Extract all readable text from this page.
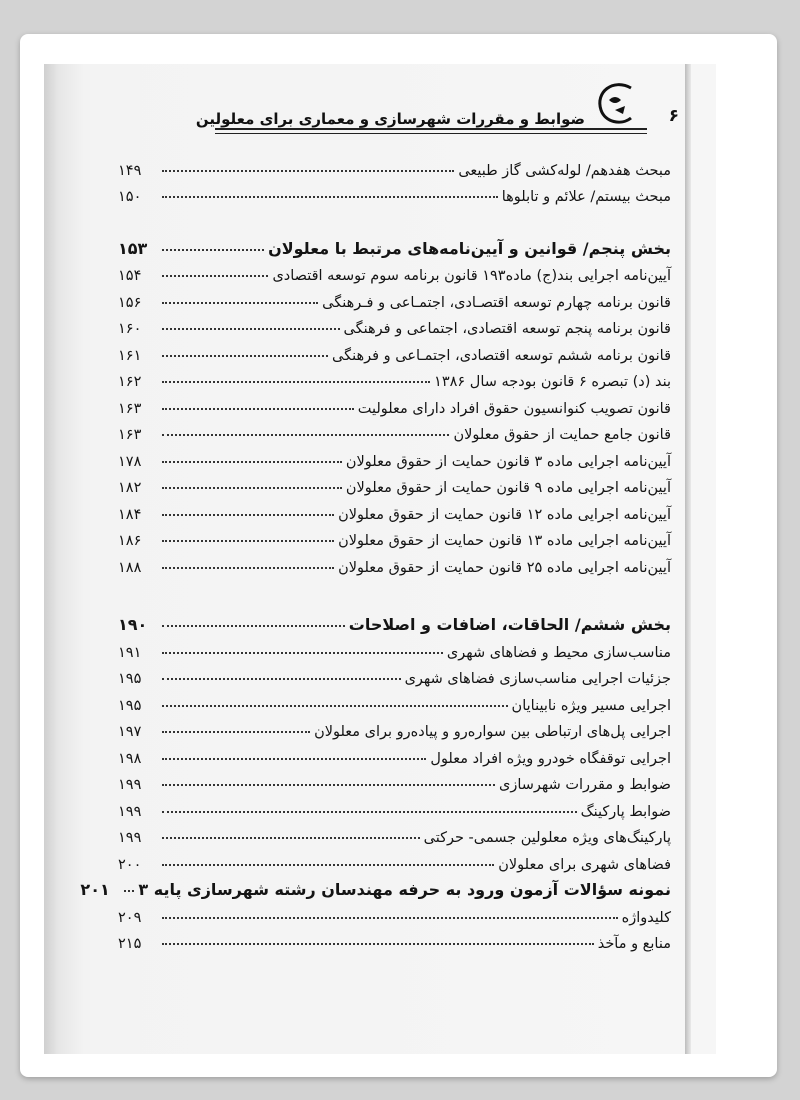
۶
ضوابط و مقررات شهرسازی و معماری برای معلولین
مبحث هفدهم/ لوله‌کشی گاز طبیعی
۱۴۹
مبحث بیستم/ علائم و تابلوها
۱۵۰
بخش پنجم/ قوانین و آیین‌نامه‌های مرتبط با معلولان
۱۵۳
آیین‌نامه اجرایی بند(ج) ماده۱۹۳ قانون برنامه سوم توسعه اقتصادی
۱۵۴
قانون برنامه چهارم توسعه اقتصـادی، اجتمـاعی و فـرهنگی
۱۵۶
قانون برنامه پنجم توسعه اقتصادی، اجتماعی و فرهنگی
۱۶۰
قانون برنامه ششم توسعه اقتصادی، اجتمـاعی و فرهنگی
۱۶۱
بند (د) تبصره ۶ قانون بودجه سال ۱۳۸۶
۱۶۲
قانون تصویب کنوانسیون حقوق افراد دارای معلولیت
۱۶۳
قانون جامع حمایت از حقوق معلولان
۱۶۳
آیین‌نامه اجرایی ماده ۳ قانون حمایت از حقوق معلولان
۱۷۸
آیین‌نامه اجرایی ماده ۹ قانون حمایت از حقوق معلولان
۱۸۲
آیین‌نامه اجرایی ماده ۱۲ قانون حمایت از حقوق معلولان
۱۸۴
آیین‌نامه اجرایی ماده ۱۳ قانون حمایت از حقوق معلولان
۱۸۶
آیین‌نامه اجرایی ماده ۲۵ قانون حمایت از حقوق معلولان
۱۸۸
بخش ششم/ الحاقات، اضافات و اصلاحات
۱۹۰
مناسب‌سازی محیط و فضاهای شهری
۱۹۱
جزئیات اجرایی مناسب‌سازی فضاهای شهری
۱۹۵
اجرایی مسیر ویژه نابینایان
۱۹۵
اجرایی پل‌های ارتباطی بین سواره‌رو و پیاده‌رو برای معلولان
۱۹۷
اجرایی توقفگاه خودرو ویژه افراد معلول
۱۹۸
ضوابط و مقررات شهرسازی
۱۹۹
ضوابط پارکینگ
۱۹۹
پارکینگ‌های ویژه معلولین جسمی- حرکتی
۱۹۹
فضاهای شهری برای معلولان
۲۰۰
نمونه سؤالات آزمون ورود به حرفه مهندسان رشته شهرسازی پایه ۳
۲۰۱
کلیدواژه
۲۰۹
منابع و مآخذ
۲۱۵
